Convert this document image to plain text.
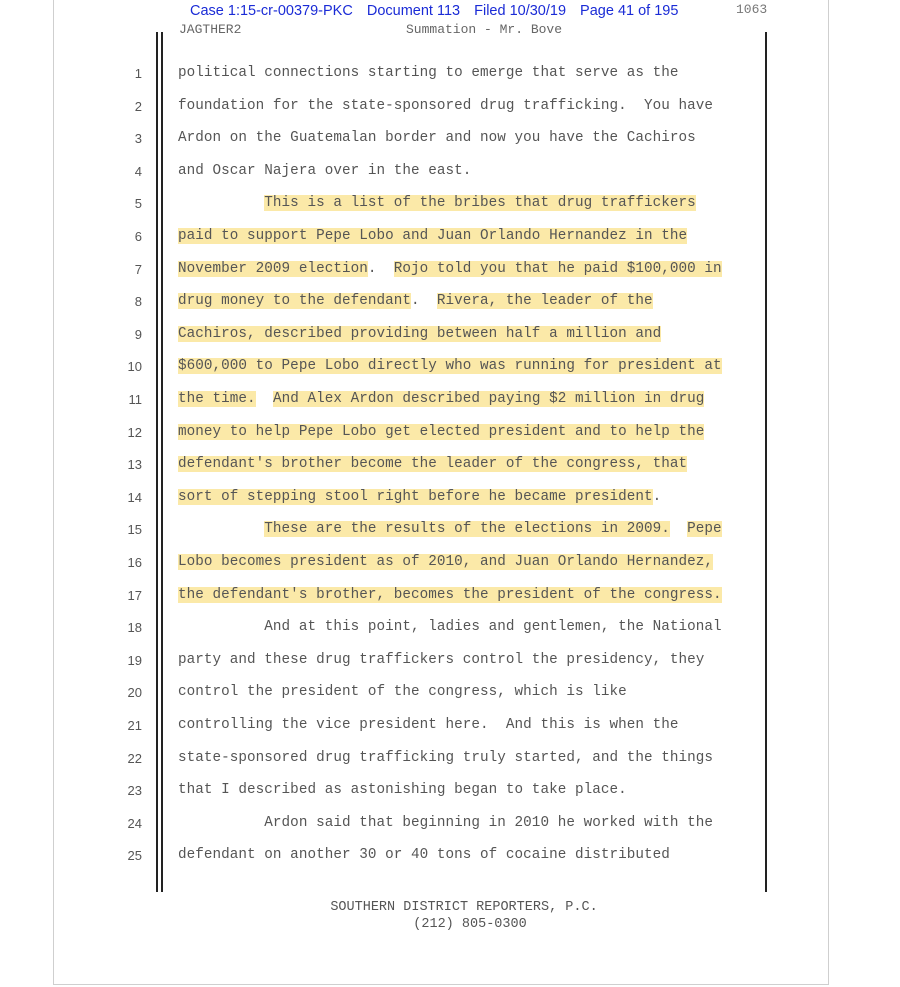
Case 1:15-cr-00379-PKC Document 113 Filed 10/30/19 Page 41 of 195	1063
JAGTHER2	Summation - Mr. Bove
1	political connections starting to emerge that serve as the
2	foundation for the state-sponsored drug trafficking.  You have
3	Ardon on the Guatemalan border and now you have the Cachiros
4	and Oscar Najera over in the east.
5	This is a list of the bribes that drug traffickers
6	paid to support Pepe Lobo and Juan Orlando Hernandez in the
7	November 2009 election.  Rojo told you that he paid $100,000 in
8	drug money to the defendant.  Rivera, the leader of the
9	Cachiros, described providing between half a million and
10	$600,000 to Pepe Lobo directly who was running for president at
11	the time. And Alex Ardon described paying $2 million in drug
12	money to help Pepe Lobo get elected president and to help the
13	defendant's brother become the leader of the congress, that
14	sort of stepping stool right before he became president.
15	These are the results of the elections in 2009. Pepe
16	Lobo becomes president as of 2010, and Juan Orlando Hernandez,
17	the defendant's brother, becomes the president of the congress.
18	And at this point, ladies and gentlemen, the National
19	party and these drug traffickers control the presidency, they
20	control the president of the congress, which is like
21	controlling the vice president here.  And this is when the
22	state-sponsored drug trafficking truly started, and the things
23	that I described as astonishing began to take place.
24	Ardon said that beginning in 2010 he worked with the
25	defendant on another 30 or 40 tons of cocaine distributed
SOUTHERN DISTRICT REPORTERS, P.C.
(212) 805-0300
